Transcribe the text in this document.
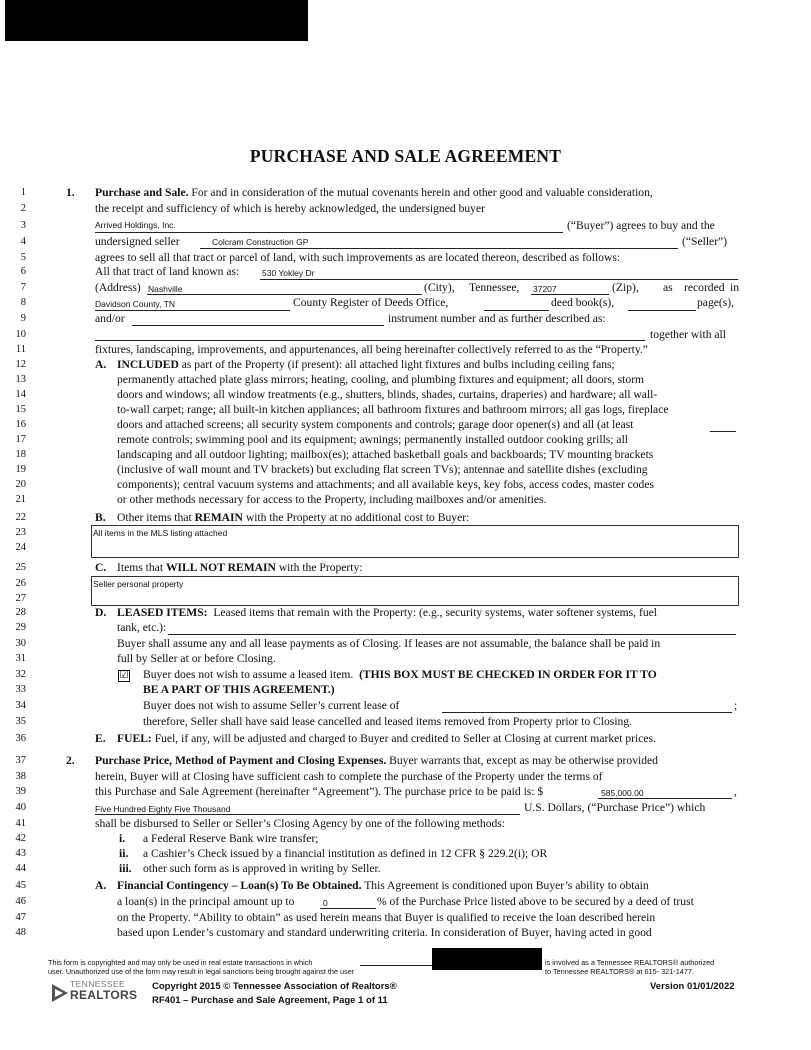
PURCHASE AND SALE AGREEMENT
1
2
3
4
5
6
7
8
9
10
11
12
13
14
15
16
17
18
19
20
21
22
23
24
25
26
27
28
29
30
31
32
33
34
35
36
37
38
39
40
41
42
43
44
45
46
47
48
1. Purchase and Sale. For and in consideration of the mutual covenants herein and other good and valuable consideration,
the receipt and sufficiency of which is hereby acknowledged, the undersigned buyer
Arrived Holdings, Inc.	(“Buyer”) agrees to buy and the
undersigned seller	Colcram Construction GP	(“Seller”)
agrees to sell all that tract or parcel of land, with such improvements as are located thereon, described as follows:
All that tract of land known as:	530 Yokley Dr
(Address) Nashville	(City), Tennessee, 37207	(Zip), as recorded in
Davidson County, TN	County Register of Deeds Office,	deed book(s),	page(s),
and/or	instrument number and as further described as:
together with all
fixtures, landscaping, improvements, and appurtenances, all being hereinafter collectively referred to as the “Property.”
A. INCLUDED as part of the Property (if present): all attached light fixtures and bulbs including ceiling fans;
permanently attached plate glass mirrors; heating, cooling, and plumbing fixtures and equipment; all doors, storm
doors and windows; all window treatments (e.g., shutters, blinds, shades, curtains, draperies) and hardware; all wall-
to-wall carpet; range; all built-in kitchen appliances; all bathroom fixtures and bathroom mirrors; all gas logs, fireplace
doors and attached screens; all security system components and controls; garage door opener(s) and all (at least
remote controls; swimming pool and its equipment; awnings; permanently installed outdoor cooking grills; all
landscaping and all outdoor lighting; mailbox(es); attached basketball goals and backboards; TV mounting brackets
(inclusive of wall mount and TV brackets) but excluding flat screen TVs); antennae and satellite dishes (excluding
components); central vacuum systems and attachments; and all available keys, key fobs, access codes, master codes
or other methods necessary for access to the Property, including mailboxes and/or amenities.
B. Other items that REMAIN with the Property at no additional cost to Buyer:
All items in the MLS listing attached
C. Items that WILL NOT REMAIN with the Property:
Seller personal property
D. LEASED ITEMS: Leased items that remain with the Property: (e.g., security systems, water softener systems, fuel
tank, etc.):
Buyer shall assume any and all lease payments as of Closing. If leases are not assumable, the balance shall be paid in
full by Seller at or before Closing.
☑ Buyer does not wish to assume a leased item. (THIS BOX MUST BE CHECKED IN ORDER FOR IT TO
BE A PART OF THIS AGREEMENT.)
Buyer does not wish to assume Seller’s current lease of	;
therefore, Seller shall have said lease cancelled and leased items removed from Property prior to Closing.
E. FUEL: Fuel, if any, will be adjusted and charged to Buyer and credited to Seller at Closing at current market prices.
2. Purchase Price, Method of Payment and Closing Expenses. Buyer warrants that, except as may be otherwise provided
herein, Buyer will at Closing have sufficient cash to complete the purchase of the Property under the terms of
this Purchase and Sale Agreement (hereinafter “Agreement”). The purchase price to be paid is: $	585,000.00	,
Five Hundred Eighty Five Thousand	U.S. Dollars, (“Purchase Price”) which
shall be disbursed to Seller or Seller’s Closing Agency by one of the following methods:
i. a Federal Reserve Bank wire transfer;
ii. a Cashier’s Check issued by a financial institution as defined in 12 CFR § 229.2(i); OR
iii. other such form as is approved in writing by Seller.
A. Financial Contingency – Loan(s) To Be Obtained. This Agreement is conditioned upon Buyer’s ability to obtain
a loan(s) in the principal amount up to	0	% of the Purchase Price listed above to be secured by a deed of trust
on the Property. “Ability to obtain” as used herein means that Buyer is qualified to receive the loan described herein
based upon Lender’s customary and standard underwriting criteria. In consideration of Buyer, having acted in good
This form is copyrighted and may only be used in real estate transactions in which	is involved as a Tennessee REALTORS® authorized
user. Unauthorized use of the form may result in legal sanctions being brought against the user	to Tennessee REALTORS® at 615- 321-1477.
TENNESSEE
REALTORS
Copyright 2015 © Tennessee Association of Realtors®
RF401 – Purchase and Sale Agreement, Page 1 of 11
Version 01/01/2022
